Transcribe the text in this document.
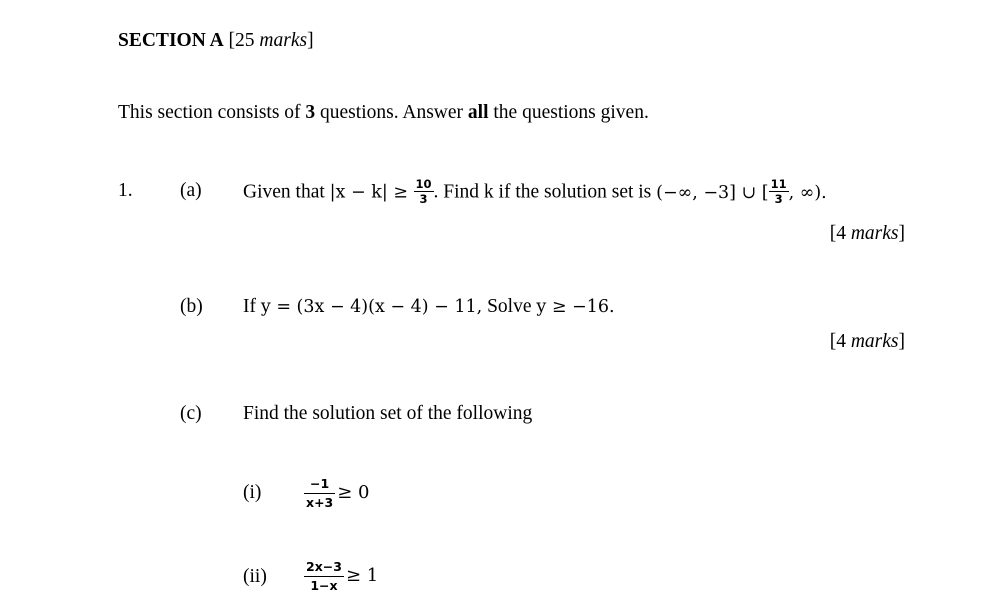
SECTION A [25 marks]
This section consists of 3 questions. Answer all the questions given.
1. (a) Given that $|x - k| \ge \frac{10}{3}$ . Find k if the solution set is (−∞, −3] ∪ [ $\frac{11}{3}$ , ∞).
[4 marks]
(b) If y = (3x − 4)(x − 4) − 11, Solve y ≥ −16.
[4 marks]
(c) Find the solution set of the following
(i)	$\frac{-1}{x+3} \ge 0$
(ii)	$\frac{2x-3}{1-x} \ge 1$
